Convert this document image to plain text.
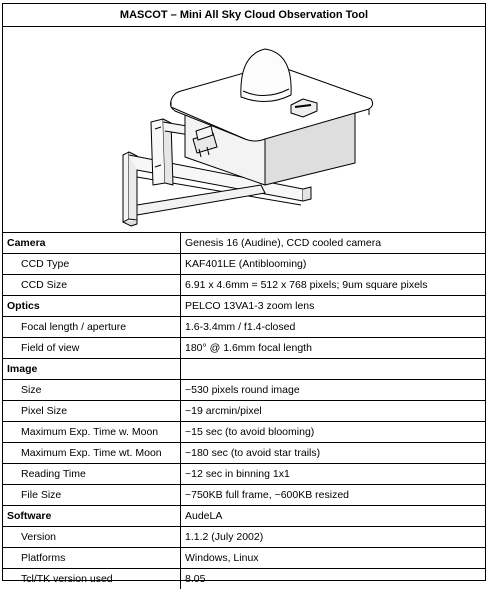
MASCOT – Mini All Sky Cloud Observation Tool
Camera	Genesis 16 (Audine), CCD cooled camera
CCD Type	KAF401LE (Antiblooming)
CCD Size	6.91 x 4.6mm = 512 x 768 pixels; 9um square pixels
Optics	PELCO 13VA1-3 zoom lens
Focal length / aperture	1.6-3.4mm / f1.4-closed
Field of view	180° @ 1.6mm focal length
Image	
Size	~530 pixels round image
Pixel Size	~19 arcmin/pixel
Maximum Exp. Time w. Moon	~15 sec (to avoid blooming)
Maximum Exp. Time wt. Moon	~180 sec (to avoid star trails)
Reading Time	~12 sec in binning 1x1
File Size	~750KB full frame, ~600KB resized
Software	AudeLA
Version	1.1.2 (July 2002)
Platforms	Windows, Linux
Tcl/TK version used	8.05
